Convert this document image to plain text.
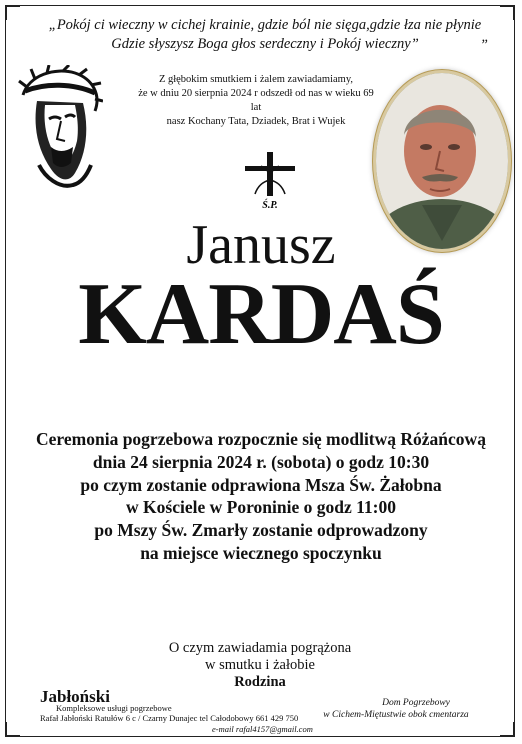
„Pokój ci wieczny w cichej krainie, gdzie ból nie sięga,gdzie łza nie płynie
Gdzie słyszysz Boga głos serdeczny i Pokój wieczny”	”
Z głębokim smutkiem i żalem zawiadamiamy,
że w dniu 20 sierpnia 2024 r odszedł od nas w wieku 69 lat
nasz Kochany Tata, Dziadek, Brat i Wujek
Ś.P.
Janusz
KARDAŚ
Ceremonia pogrzebowa rozpocznie się modlitwą Różańcową
dnia 24 sierpnia 2024 r. (sobota) o godz 10:30
po czym zostanie odprawiona Msza Św. Żałobna
w Kościele w Poroninie o godz 11:00
po Mszy Św. Zmarły zostanie odprowadzony
na miejsce wiecznego spoczynku
O czym zawiadamia pogrążona
w smutku i żałobie
Rodzina
Jabłoński
Kompleksowe usługi pogrzebowe
Rafał Jabłoński Ratułów 6 c / Czarny Dunajec tel Całodobowy 661 429 750
e-mail rafal4157@gmail.com
Dom Pogrzebowy
w Cichem-Miętustwie obok cmentarza
